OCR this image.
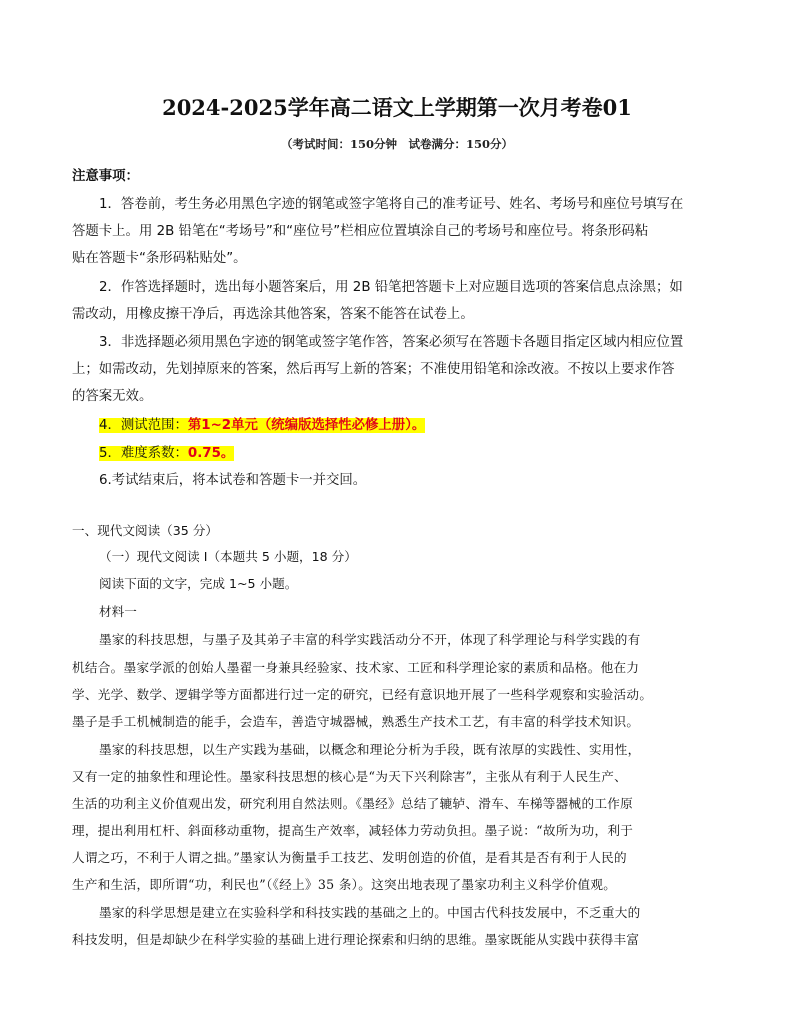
2024-2025学年高二语文上学期第一次月考卷01
（考试时间：150分钟　试卷满分：150分）
注意事项：
1．答卷前，考生务必用黑色字迹的钢笔或签字笔将自己的准考证号、姓名、考场号和座位号填写在
答题卡上。用 2B 铅笔在“考场号”和“座位号”栏相应位置填涂自己的考场号和座位号。将条形码粘
贴在答题卡“条形码粘贴处”。
2．作答选择题时，选出每小题答案后，用 2B 铅笔把答题卡上对应题目选项的答案信息点涂黑；如
需改动，用橡皮擦干净后，再选涂其他答案，答案不能答在试卷上。
3．非选择题必须用黑色字迹的钢笔或签字笔作答，答案必须写在答题卡各题目指定区域内相应位置
上；如需改动，先划掉原来的答案，然后再写上新的答案；不准使用铅笔和涂改液。不按以上要求作答
的答案无效。
4．测试范围：第1~2单元（统编版选择性必修上册）。
5．难度系数：0.75。
6.考试结束后，将本试卷和答题卡一并交回。
一、现代文阅读（35 分）
（一）现代文阅读 I（本题共 5 小题，18 分）
阅读下面的文字，完成 1~5 小题。
材料一
墨家的科技思想，与墨子及其弟子丰富的科学实践活动分不开，体现了科学理论与科学实践的有
机结合。墨家学派的创始人墨翟一身兼具经验家、技术家、工匠和科学理论家的素质和品格。他在力
学、光学、数学、逻辑学等方面都进行过一定的研究，已经有意识地开展了一些科学观察和实验活动。
墨子是手工机械制造的能手，会造车，善造守城器械，熟悉生产技术工艺，有丰富的科学技术知识。
墨家的科技思想，以生产实践为基础，以概念和理论分析为手段，既有浓厚的实践性、实用性，
又有一定的抽象性和理论性。墨家科技思想的核心是“为天下兴利除害”，主张从有利于人民生产、
生活的功利主义价值观出发，研究利用自然法则。《墨经》总结了辘轳、滑车、车梯等器械的工作原
理，提出利用杠杆、斜面移动重物，提高生产效率，减轻体力劳动负担。墨子说：“故所为功，利于
人谓之巧，不利于人谓之拙。”墨家认为衡量手工技艺、发明创造的价值，是看其是否有利于人民的
生产和生活，即所谓“功，利民也”（《经上》35 条）。这突出地表现了墨家功利主义科学价值观。
墨家的科学思想是建立在实验科学和科技实践的基础之上的。中国古代科技发展中，不乏重大的
科技发明，但是却缺少在科学实验的基础上进行理论探索和归纳的思维。墨家既能从实践中获得丰富
